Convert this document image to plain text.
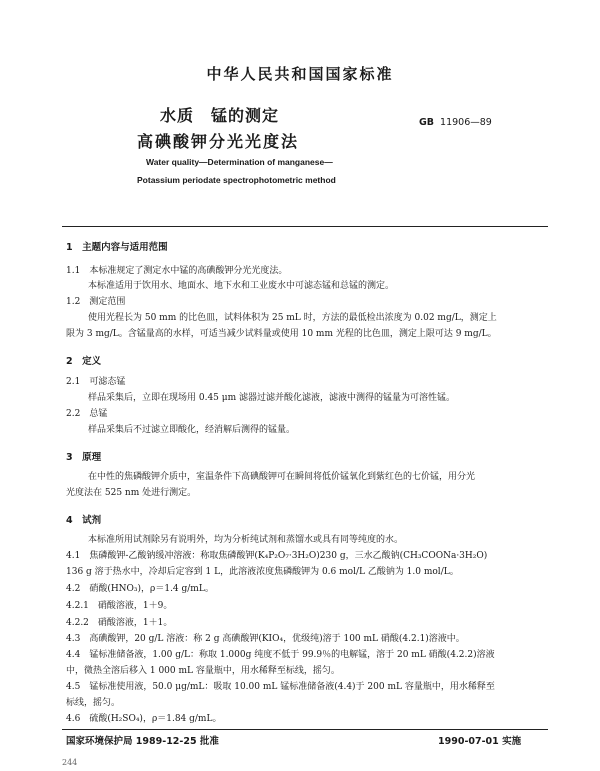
中华人民共和国国家标准
水质　锰的测定
高碘酸钾分光光度法
GB 11906—89
Water quality—Determination of manganese—
Potassium periodate spectrophotometric method
1　主题内容与适用范围
1.1　本标准规定了测定水中锰的高碘酸钾分光光度法。
本标准适用于饮用水、地面水、地下水和工业废水中可滤态锰和总锰的测定。
1.2　测定范围
使用光程长为 50 mm 的比色皿，试料体积为 25 mL 时，方法的最低检出浓度为 0.02 mg/L，测定上
限为 3 mg/L。含锰量高的水样，可适当减少试料量或使用 10 mm 光程的比色皿，测定上限可达 9 mg/L。
2　定义
2.1　可滤态锰
样品采集后，立即在现场用 0.45 μm 滤器过滤并酸化滤液，滤液中测得的锰量为可溶性锰。
2.2　总锰
样品采集后不过滤立即酸化，经消解后测得的锰量。
3　原理
在中性的焦磷酸钾介质中，室温条件下高碘酸钾可在瞬间将低价锰氧化到紫红色的七价锰，用分光
光度法在 525 nm 处进行测定。
4　试剂
本标准所用试剂除另有说明外，均为分析纯试剂和蒸馏水或具有同等纯度的水。
4.1　焦磷酸钾-乙酸钠缓冲溶液：称取焦磷酸钾(K₄P₂O₇·3H₂O)230 g，三水乙酸钠(CH₃COONa·3H₂O)
136 g 溶于热水中，冷却后定容到 1 L，此溶液浓度焦磷酸钾为 0.6 mol/L 乙酸钠为 1.0 mol/L。
4.2　硝酸(HNO₃)，ρ＝1.4 g/mL。
4.2.1　硝酸溶液，1＋9。
4.2.2　硝酸溶液，1＋1。
4.3　高碘酸钾，20 g/L 溶液：称 2 g 高碘酸钾(KIO₄，优级纯)溶于 100 mL 硝酸(4.2.1)溶液中。
4.4　锰标准储备液，1.00 g/L：称取 1.000g 纯度不低于 99.9％的电解锰，溶于 20 mL 硝酸(4.2.2)溶液
中，微热全溶后移入 1 000 mL 容量瓶中，用水稀释至标线，摇匀。
4.5　锰标准使用液，50.0 μg/mL：吸取 10.00 mL 锰标准储备液(4.4)于 200 mL 容量瓶中，用水稀释至
标线，摇匀。
4.6　硫酸(H₂SO₄)，ρ＝1.84 g/mL。
国家环境保护局 1989-12-25 批准	1990-07-01 实施
244
